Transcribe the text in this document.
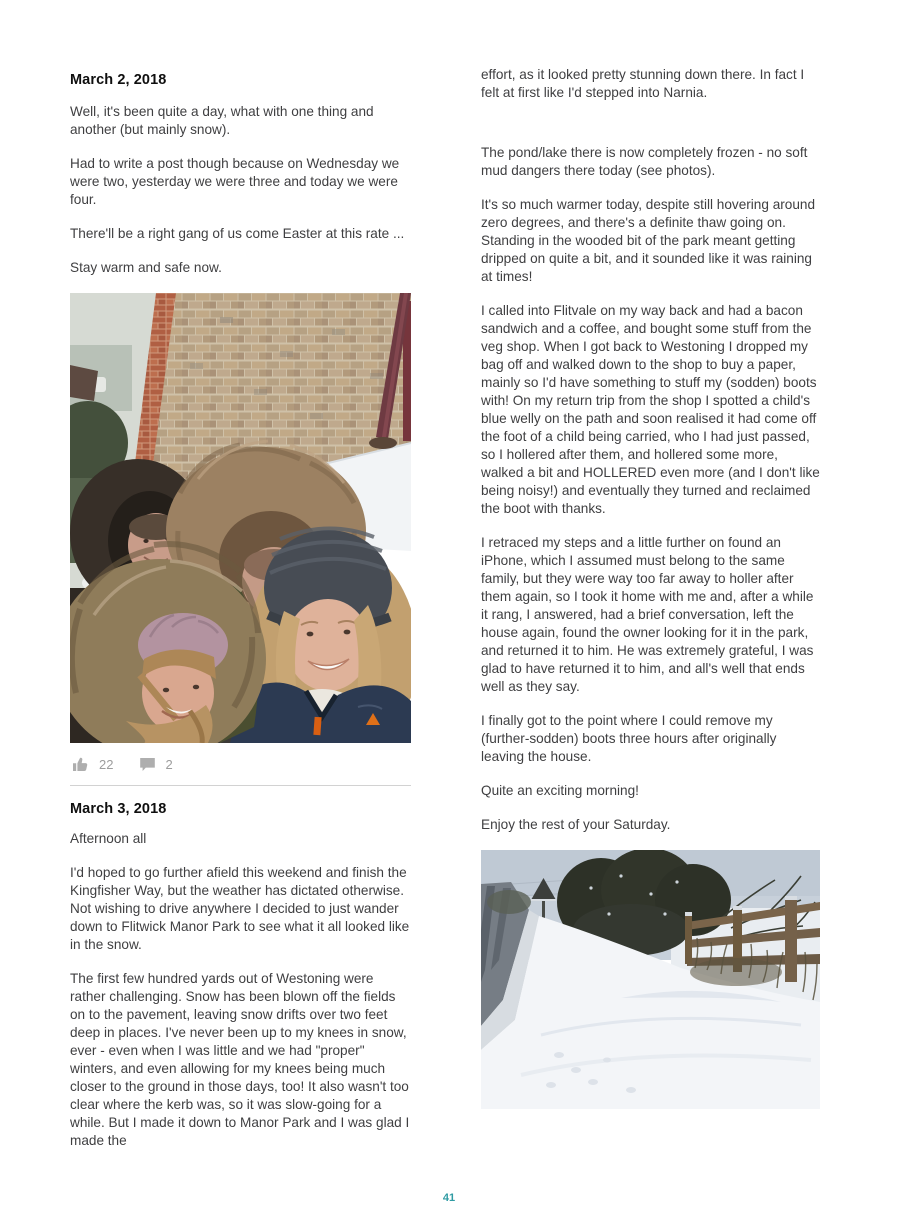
March 2, 2018

Well, it's been quite a day, what with one thing and another (but mainly snow).

Had to write a post though because on Wednesday we were two, yesterday we were three and today we were four.

There'll be a right gang of us come Easter at this rate ...

Stay warm and safe now.

22	2
March 3, 2018

Afternoon all

I'd hoped to go further afield this weekend and finish the Kingfisher Way, but the weather has dictated otherwise. Not wishing to drive anywhere I decided to just wander down to Flitwick Manor Park to see what it all looked like in the snow.

The first few hundred yards out of Westoning were rather challenging. Snow has been blown off the fields on to the pavement, leaving snow drifts over two feet deep in places. I've never been up to my knees in snow, ever - even when I was little and we had "proper" winters, and even allowing for my knees being much closer to the ground in those days, too! It also wasn't too clear where the kerb was, so it was slow-going for a while. But I made it down to Manor Park and I was glad I made the

effort, as it looked pretty stunning down there. In fact I felt at first like I'd stepped into Narnia.

The pond/lake there is now completely frozen - no soft mud dangers there today (see photos).

It's so much warmer today, despite still hovering around zero degrees, and there's a definite thaw going on. Standing in the wooded bit of the park meant getting dripped on quite a bit, and it sounded like it was raining at times!

I called into Flitvale on my way back and had a bacon sandwich and a coffee, and bought some stuff from the veg shop. When I got back to Westoning I dropped my bag off and walked down to the shop to buy a paper, mainly so I'd have something to stuff my (sodden) boots with! On my return trip from the shop I spotted a child's blue welly on the path and soon realised it had come off the foot of a child being carried, who I had just passed, so I hollered after them, and hollered some more, walked a bit and HOLLERED even more (and I don't like being noisy!) and eventually they turned and reclaimed the boot with thanks.

I retraced my steps and a little further on found an iPhone, which I assumed must belong to the same family, but they were way too far away to holler after them again, so I took it home with me and, after a while it rang, I answered, had a brief conversation, left the house again, found the owner looking for it in the park, and returned it to him. He was extremely grateful, I was glad to have returned it to him, and all's well that ends well as they say.

I finally got to the point where I could remove my (further-sodden) boots three hours after originally leaving the house.

Quite an exciting morning!

Enjoy the rest of your Saturday.

41
